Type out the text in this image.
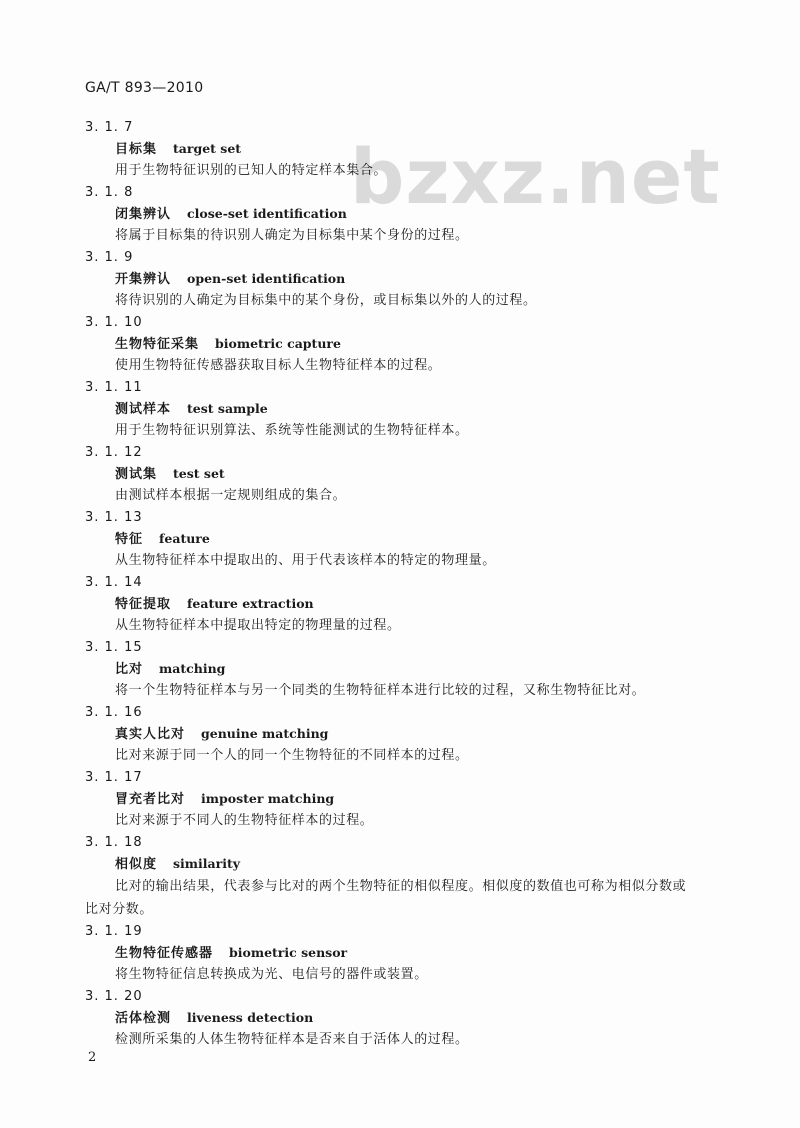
GA/T 893—2010
bzxz.net
3. 1. 7
目标集 target set
用于生物特征识别的已知人的特定样本集合。
3. 1. 8
闭集辨认 close-set identification
将属于目标集的待识别人确定为目标集中某个身份的过程。
3. 1. 9
开集辨认 open-set identification
将待识别的人确定为目标集中的某个身份，或目标集以外的人的过程。
3. 1. 10
生物特征采集 biometric capture
使用生物特征传感器获取目标人生物特征样本的过程。
3. 1. 11
测试样本 test sample
用于生物特征识别算法、系统等性能测试的生物特征样本。
3. 1. 12
测试集 test set
由测试样本根据一定规则组成的集合。
3. 1. 13
特征 feature
从生物特征样本中提取出的、用于代表该样本的特定的物理量。
3. 1. 14
特征提取 feature extraction
从生物特征样本中提取出特定的物理量的过程。
3. 1. 15
比对 matching
将一个生物特征样本与另一个同类的生物特征样本进行比较的过程，又称生物特征比对。
3. 1. 16
真实人比对 genuine matching
比对来源于同一个人的同一个生物特征的不同样本的过程。
3. 1. 17
冒充者比对 imposter matching
比对来源于不同人的生物特征样本的过程。
3. 1. 18
相似度 similarity
比对的输出结果，代表参与比对的两个生物特征的相似程度。相似度的数值也可称为相似分数或
比对分数。
3. 1. 19
生物特征传感器 biometric sensor
将生物特征信息转换成为光、电信号的器件或装置。
3. 1. 20
活体检测 liveness detection
检测所采集的人体生物特征样本是否来自于活体人的过程。
2
